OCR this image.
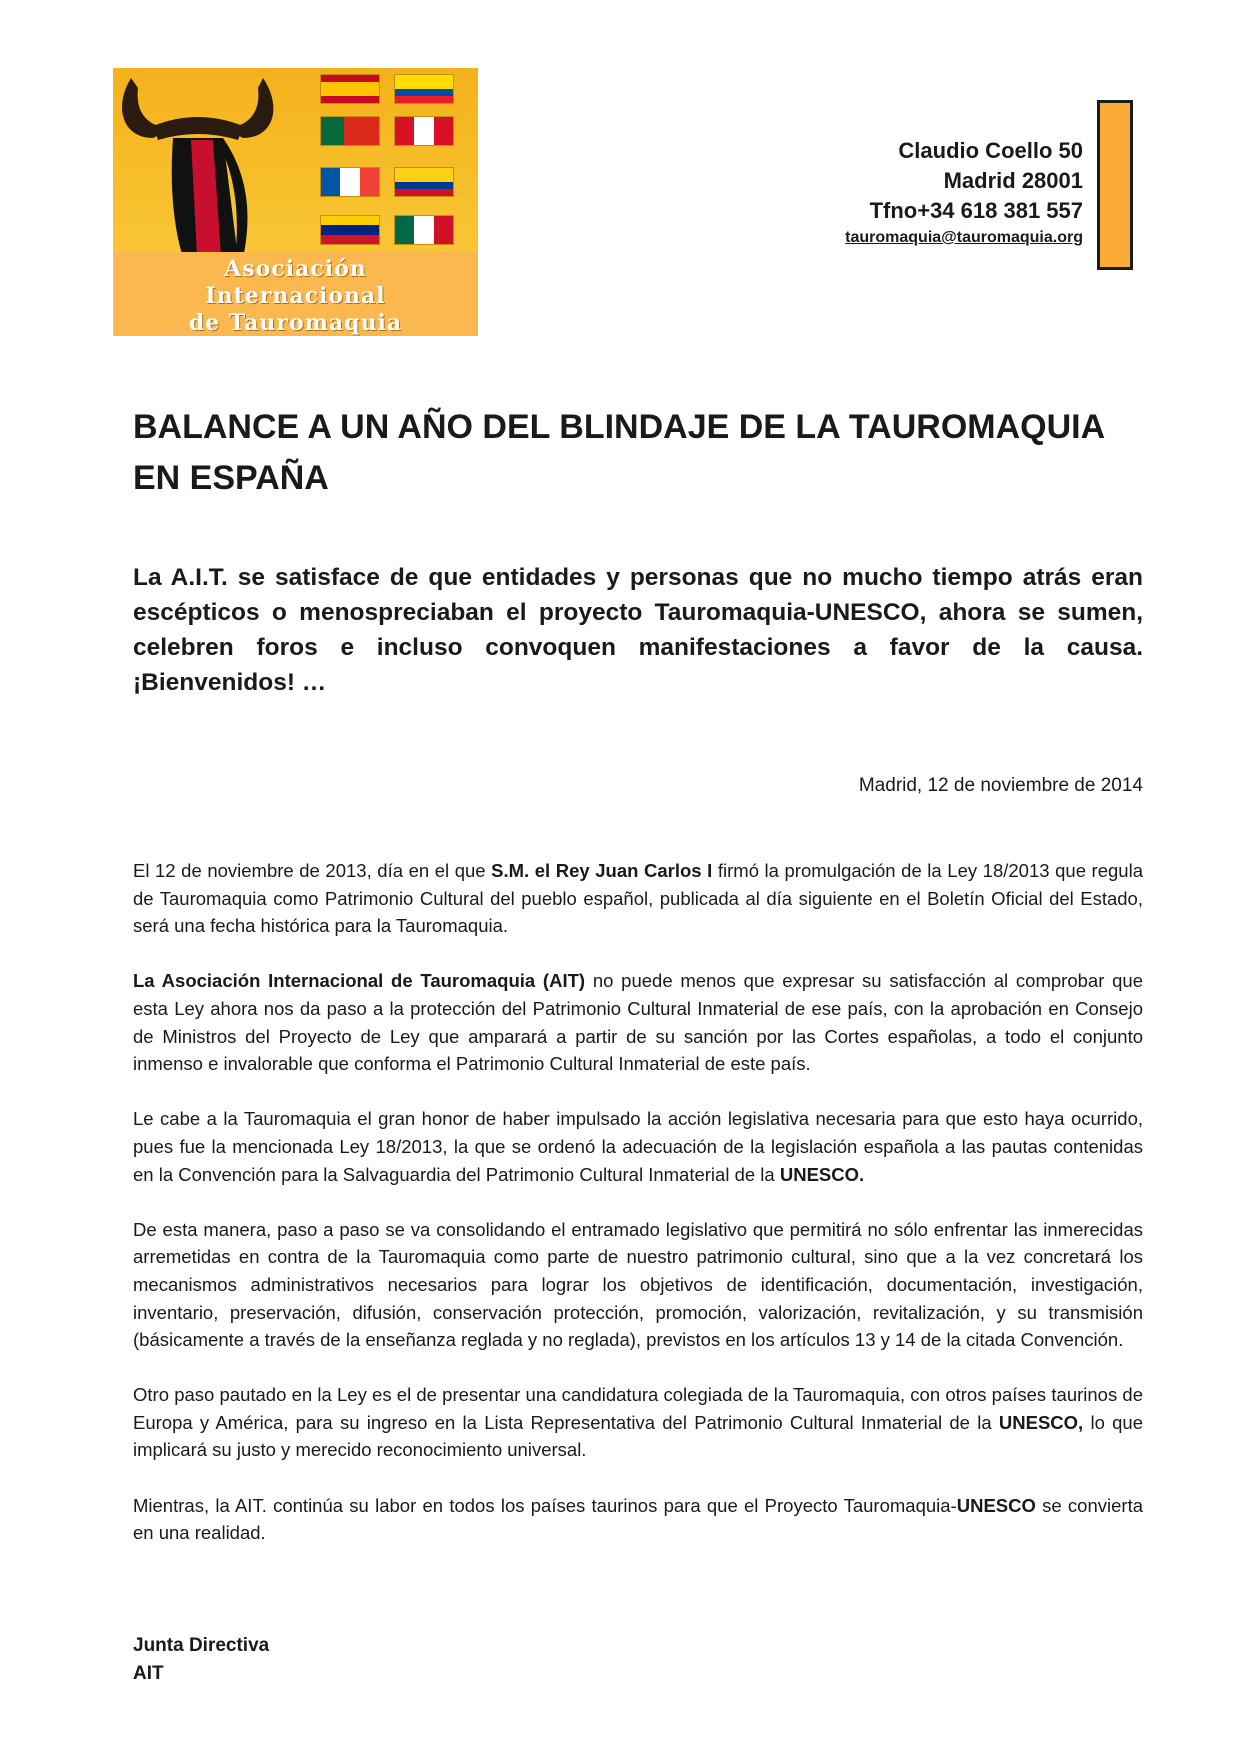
Asociación
Internacional
de Tauromaquia
Claudio Coello 50
Madrid 28001
Tfno+34 618 381 557
tauromaquia@tauromaquia.org
BALANCE A UN AÑO DEL BLINDAJE DE LA TAUROMAQUIA
EN ESPAÑA

La A.I.T. se satisface de que entidades y personas que no mucho tiempo atrás eran escépticos o menospreciaban el proyecto Tauromaquia-UNESCO, ahora se sumen, celebren foros e incluso convoquen manifestaciones a favor de la causa. ¡Bienvenidos! …

Madrid, 12 de noviembre de 2014

El 12 de noviembre de 2013, día en el que S.M. el Rey Juan Carlos I firmó la promulgación de la Ley 18/2013 que regula de Tauromaquia como Patrimonio Cultural del pueblo español, publicada al día siguiente en el Boletín Oficial del Estado, será una fecha histórica para la Tauromaquia.

La Asociación Internacional de Tauromaquia (AIT) no puede menos que expresar su satisfacción al comprobar que esta Ley ahora nos da paso a la protección del Patrimonio Cultural Inmaterial de ese país, con la aprobación en Consejo de Ministros del Proyecto de Ley que amparará a partir de su sanción por las Cortes españolas, a todo el conjunto inmenso e invalorable que conforma el Patrimonio Cultural Inmaterial de este país.

Le cabe a la Tauromaquia el gran honor de haber impulsado la acción legislativa necesaria para que esto haya ocurrido, pues fue la mencionada Ley 18/2013, la que se ordenó la adecuación de la legislación española a las pautas contenidas en la Convención para la Salvaguardia del Patrimonio Cultural Inmaterial de la UNESCO.

De esta manera, paso a paso se va consolidando el entramado legislativo que permitirá no sólo enfrentar las inmerecidas arremetidas en contra de la Tauromaquia como parte de nuestro patrimonio cultural, sino que a la vez concretará los mecanismos administrativos necesarios para lograr los objetivos de identificación, documentación, investigación, inventario, preservación, difusión, conservación protección, promoción, valorización, revitalización, y su transmisión (básicamente a través de la enseñanza reglada y no reglada), previstos en los artículos 13 y 14 de la citada Convención.

Otro paso pautado en la Ley es el de presentar una candidatura colegiada de la Tauromaquia, con otros países taurinos de Europa y América, para su ingreso en la Lista Representativa del Patrimonio Cultural Inmaterial de la UNESCO, lo que implicará su justo y merecido reconocimiento universal.

Mientras, la AIT. continúa su labor en todos los países taurinos para que el Proyecto Tauromaquia-UNESCO se convierta en una realidad.

Junta Directiva
AIT
